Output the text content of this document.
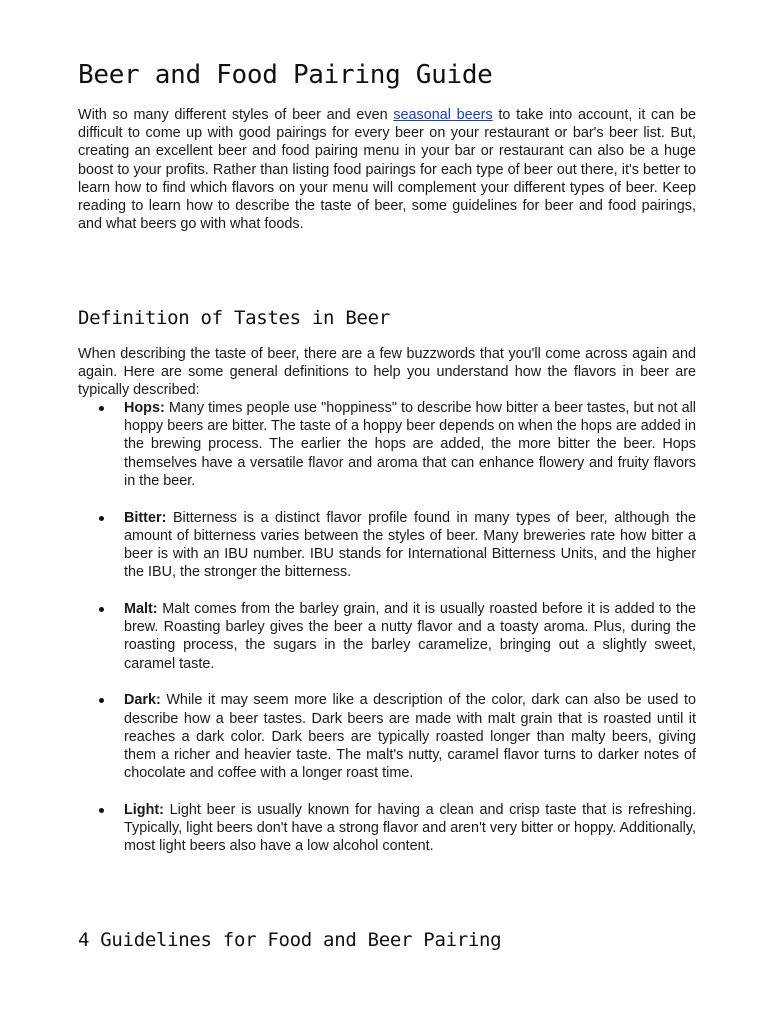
Beer and Food Pairing Guide

With so many different styles of beer and even seasonal beers to take into account, it can be difficult to come up with good pairings for every beer on your restaurant or bar's beer list. But, creating an excellent beer and food pairing menu in your bar or restaurant can also be a huge boost to your profits. Rather than listing food pairings for each type of beer out there, it's better to learn how to find which flavors on your menu will complement your different types of beer. Keep reading to learn how to describe the taste of beer, some guidelines for beer and food pairings, and what beers go with what foods.

Definition of Tastes in Beer

When describing the taste of beer, there are a few buzzwords that you'll come across again and again. Here are some general definitions to help you understand how the flavors in beer are typically described:

Hops: Many times people use "hoppiness" to describe how bitter a beer tastes, but not all hoppy beers are bitter. The taste of a hoppy beer depends on when the hops are added in the brewing process. The earlier the hops are added, the more bitter the beer. Hops themselves have a versatile flavor and aroma that can enhance flowery and fruity flavors in the beer.
Bitter: Bitterness is a distinct flavor profile found in many types of beer, although the amount of bitterness varies between the styles of beer. Many breweries rate how bitter a beer is with an IBU number. IBU stands for International Bitterness Units, and the higher the IBU, the stronger the bitterness.
Malt: Malt comes from the barley grain, and it is usually roasted before it is added to the brew. Roasting barley gives the beer a nutty flavor and a toasty aroma. Plus, during the roasting process, the sugars in the barley caramelize, bringing out a slightly sweet, caramel taste.
Dark: While it may seem more like a description of the color, dark can also be used to describe how a beer tastes. Dark beers are made with malt grain that is roasted until it reaches a dark color. Dark beers are typically roasted longer than malty beers, giving them a richer and heavier taste. The malt's nutty, caramel flavor turns to darker notes of chocolate and coffee with a longer roast time.
Light: Light beer is usually known for having a clean and crisp taste that is refreshing. Typically, light beers don't have a strong flavor and aren't very bitter or hoppy. Additionally, most light beers also have a low alcohol content.
4 Guidelines for Food and Beer Pairing
